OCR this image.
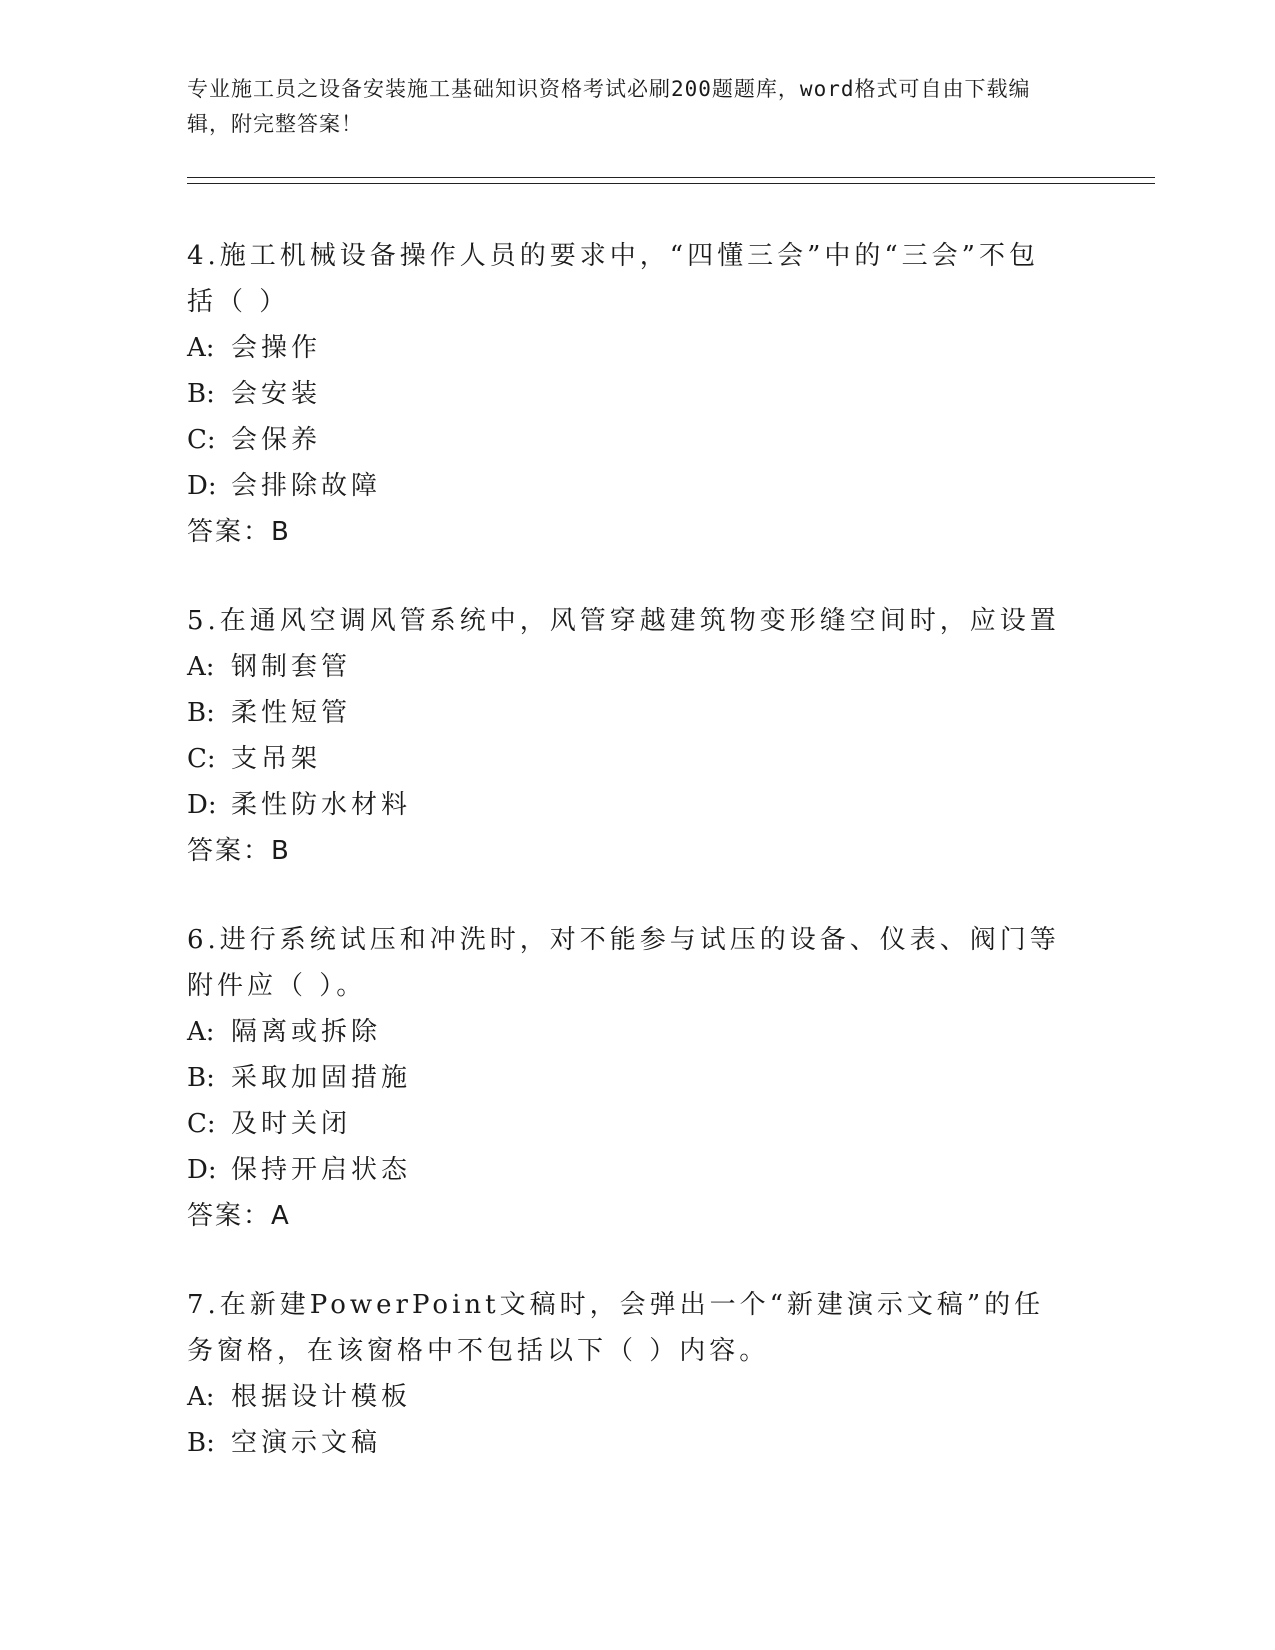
专业施工员之设备安装施工基础知识资格考试必刷200题题库，word格式可自由下载编辑，附完整答案！
4.施工机械设备操作人员的要求中，“四懂三会”中的“三会”不包括（ ）
A: 会操作
B: 会安装
C: 会保养
D: 会排除故障
答案：B
5.在通风空调风管系统中，风管穿越建筑物变形缝空间时，应设置
A: 钢制套管
B: 柔性短管
C: 支吊架
D: 柔性防水材料
答案：B
6.进行系统试压和冲洗时，对不能参与试压的设备、仪表、阀门等附件应（ ）。
A: 隔离或拆除
B: 采取加固措施
C: 及时关闭
D: 保持开启状态
答案：A
7.在新建PowerPoint文稿时，会弹出一个“新建演示文稿”的任务窗格，在该窗格中不包括以下（ ）内容。
A: 根据设计模板
B: 空演示文稿
